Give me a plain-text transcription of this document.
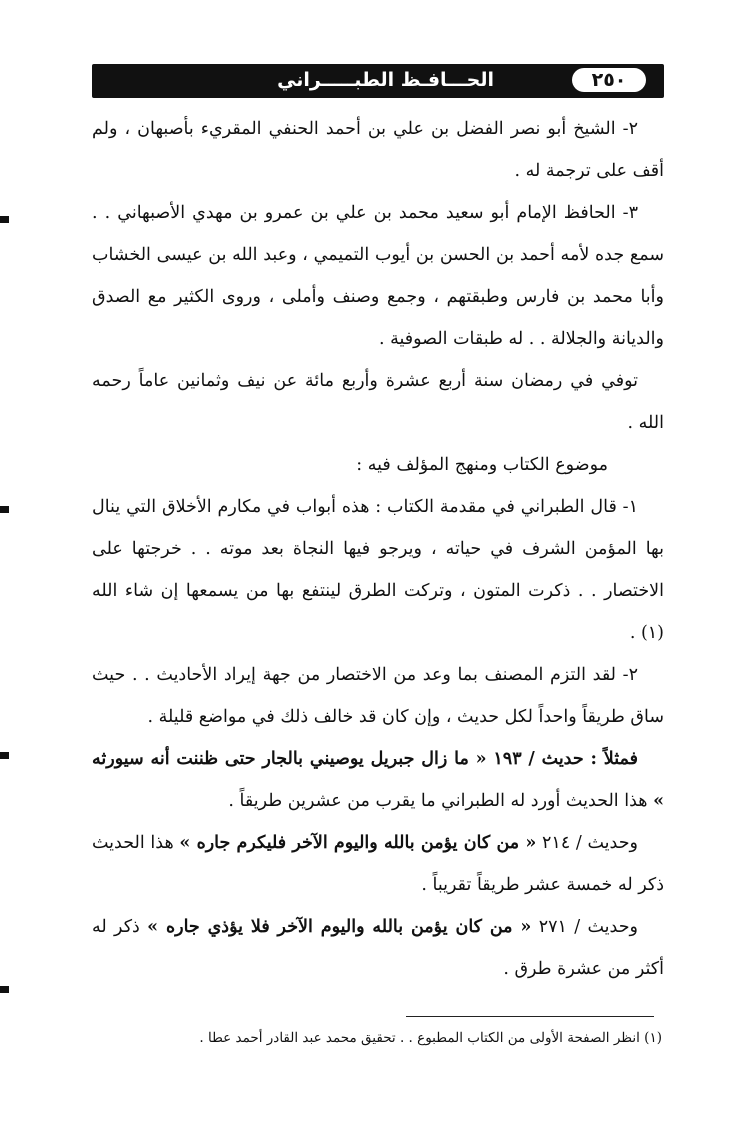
الحـــافـظ الطبـــــراني	٢٥٠

٢- الشيخ أبو نصر الفضل بن علي بن أحمد الحنفي المقريء بأصبهان ، ولم أقف على ترجمة له .

٣- الحافظ الإمام أبو سعيد محمد بن علي بن عمرو بن مهدي الأصبهاني . . سمع جده لأمه أحمد بن الحسن بن أيوب التميمي ، وعبد الله بن عيسى الخشاب وأبا محمد بن فارس وطبقتهم ، وجمع وصنف وأملى ، وروى الكثير مع الصدق والديانة والجلالة . . له طبقات الصوفية .

توفي في رمضان سنة أربع عشرة وأربع مائة عن نيف وثمانين عاماً رحمه الله .

موضوع الكتاب ومنهج المؤلف فيه :

١- قال الطبراني في مقدمة الكتاب : هذه أبواب في مكارم الأخلاق التي ينال بها المؤمن الشرف في حياته ، ويرجو فيها النجاة بعد موته . . خرجتها على الاختصار . . ذكرت المتون ، وتركت الطرق لينتفع بها من يسمعها إن شاء الله (١) .

٢- لقد التزم المصنف بما وعد من الاختصار من جهة إيراد الأحاديث . . حيث ساق طريقاً واحداً لكل حديث ، وإن كان قد خالف ذلك في مواضع قليلة .

فمثلاً : حديث / ١٩٣ « ما زال جبريل يوصيني بالجار حتى ظننت أنه سيورثه » هذا الحديث أورد له الطبراني ما يقرب من عشرين طريقاً .

وحديث / ٢١٤ « من كان يؤمن بالله واليوم الآخر فليكرم جاره » هذا الحديث ذكر له خمسة عشر طريقاً تقريباً .

وحديث / ٢٧١ « من كان يؤمن بالله واليوم الآخر فلا يؤذي جاره » ذكر له أكثر من عشرة طرق .

(١) انظر الصفحة الأولى من الكتاب المطبوع . . تحقيق محمد عبد القادر أحمد عطا .
